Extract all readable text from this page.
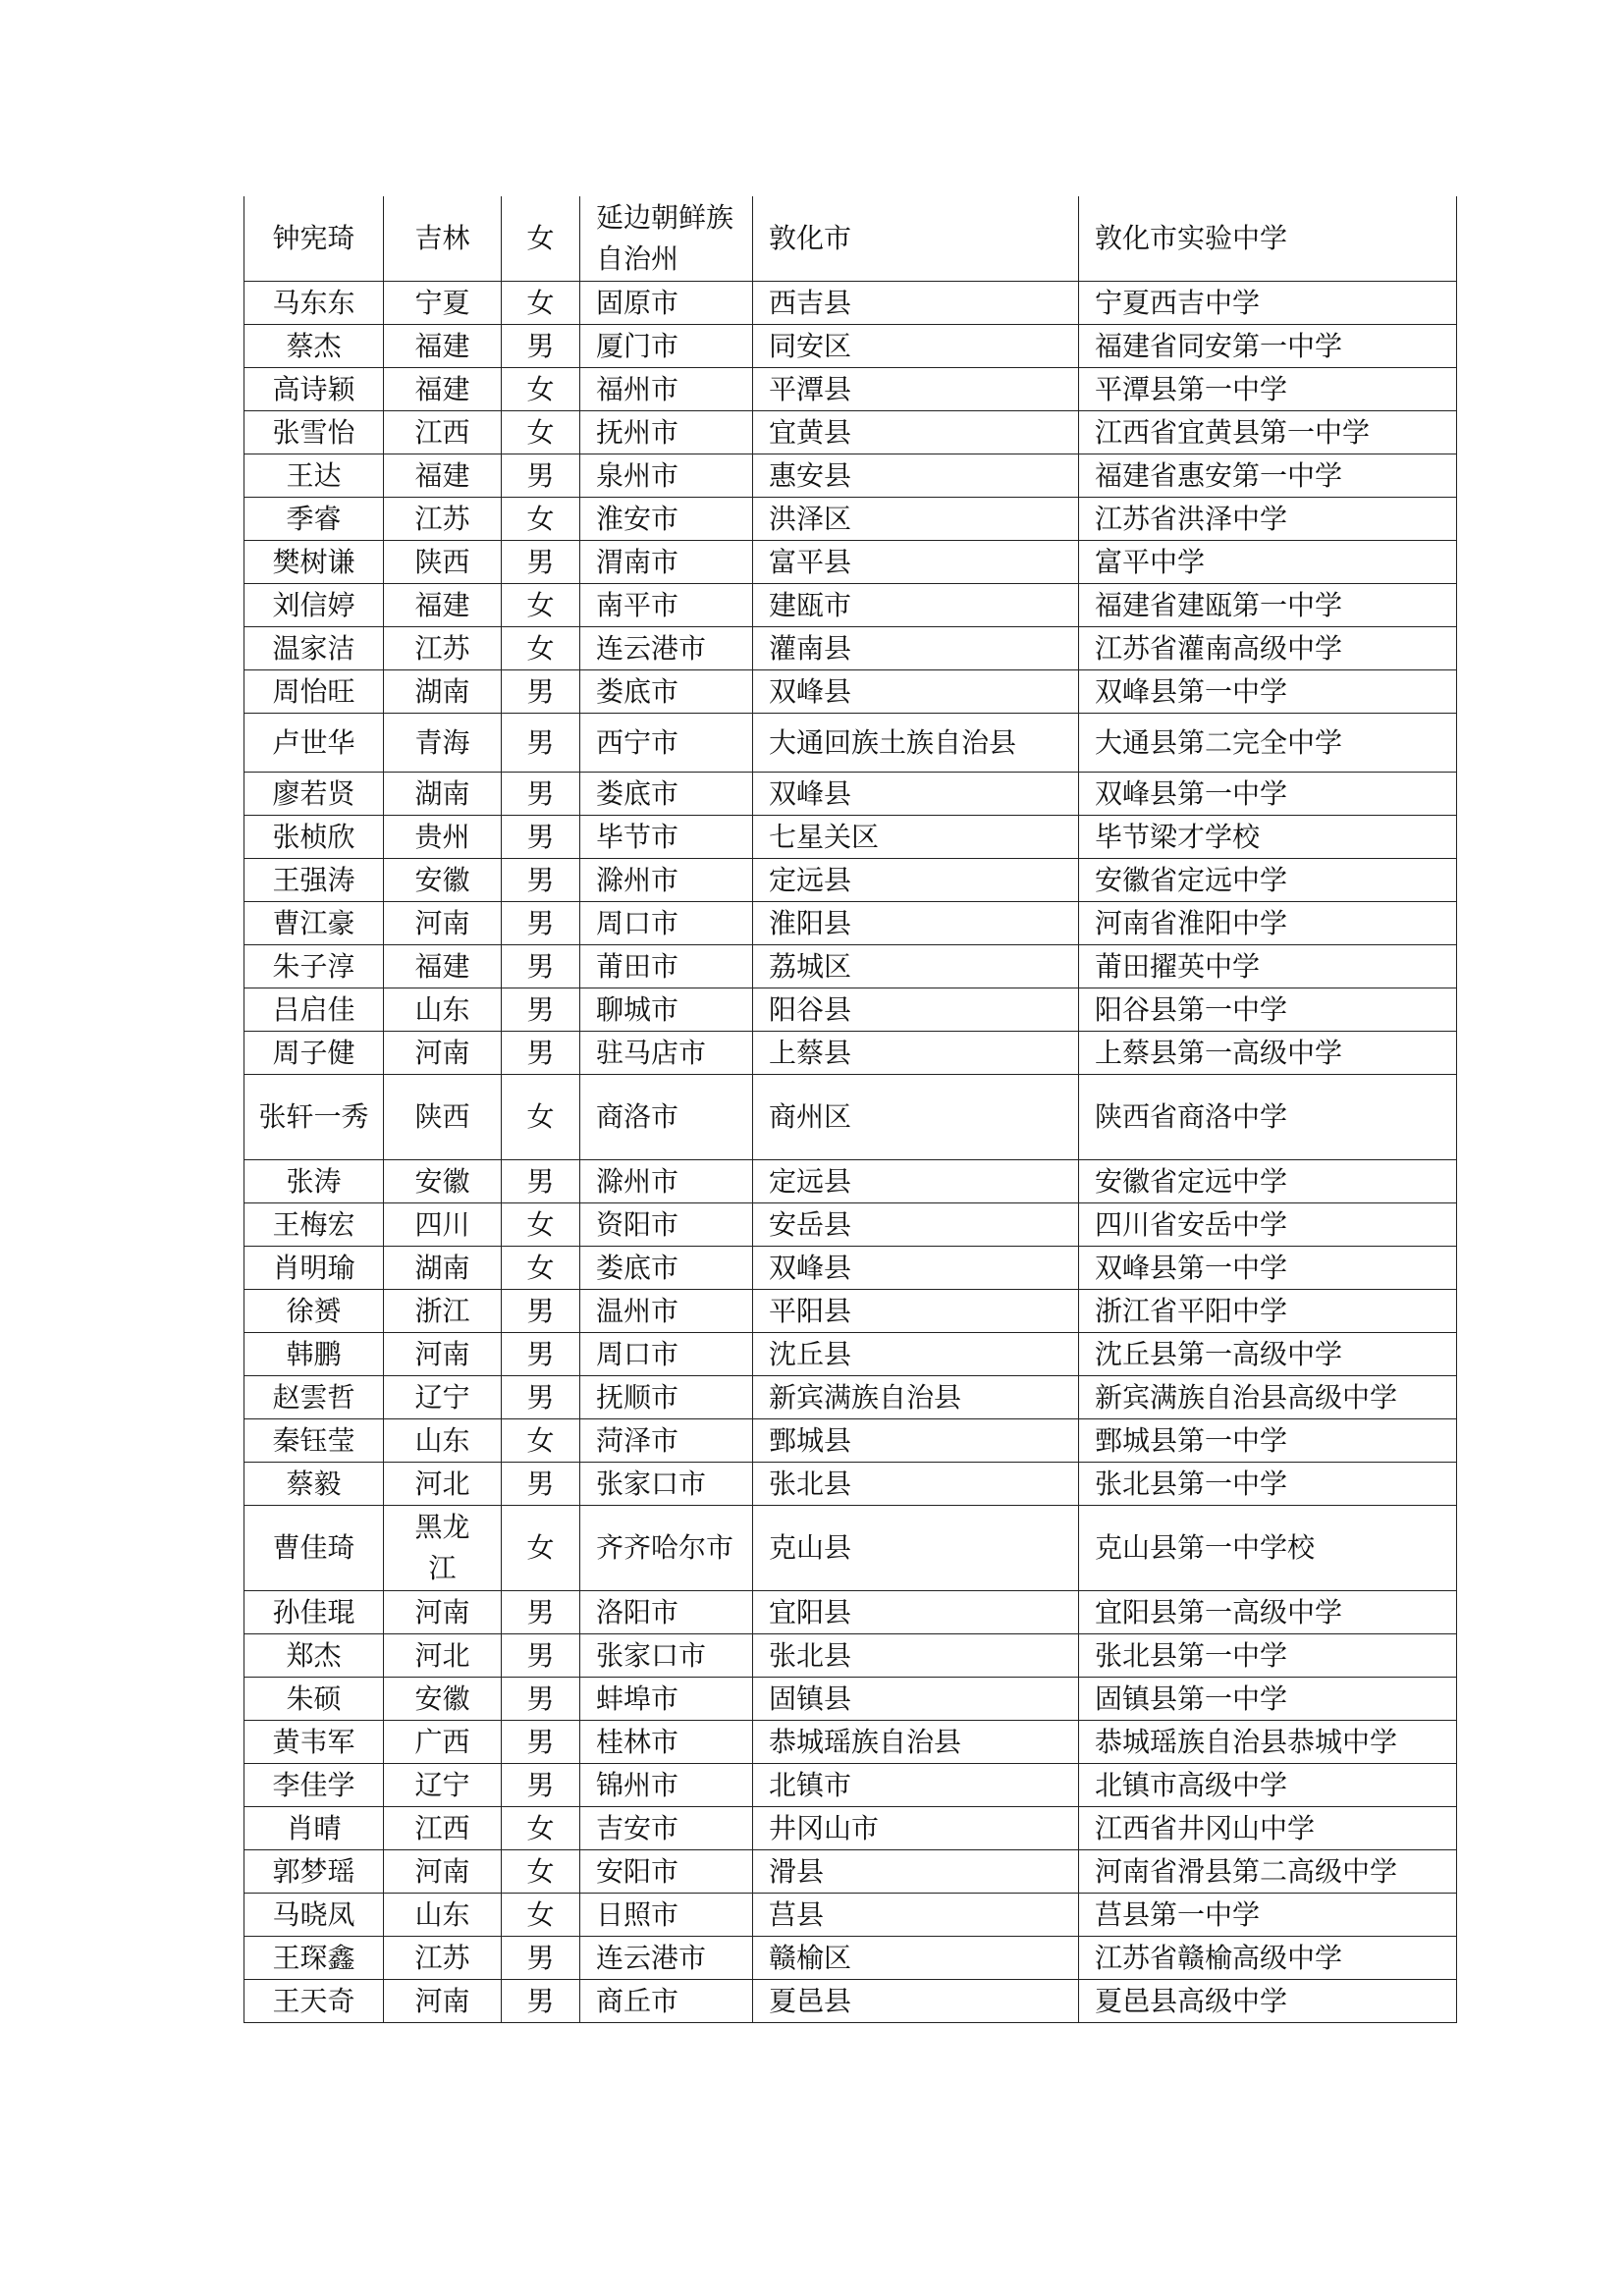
钟宪琦	吉林	女	延边朝鲜族自治州	敦化市	敦化市实验中学
马东东	宁夏	女	固原市	西吉县	宁夏西吉中学
蔡杰	福建	男	厦门市	同安区	福建省同安第一中学
高诗颖	福建	女	福州市	平潭县	平潭县第一中学
张雪怡	江西	女	抚州市	宜黄县	江西省宜黄县第一中学
王达	福建	男	泉州市	惠安县	福建省惠安第一中学
季睿	江苏	女	淮安市	洪泽区	江苏省洪泽中学
樊树谦	陕西	男	渭南市	富平县	富平中学
刘信婷	福建	女	南平市	建瓯市	福建省建瓯第一中学
温家洁	江苏	女	连云港市	灌南县	江苏省灌南高级中学
周怡旺	湖南	男	娄底市	双峰县	双峰县第一中学
卢世华	青海	男	西宁市	大通回族土族自治县	大通县第二完全中学
廖若贤	湖南	男	娄底市	双峰县	双峰县第一中学
张桢欣	贵州	男	毕节市	七星关区	毕节梁才学校
王强涛	安徽	男	滁州市	定远县	安徽省定远中学
曹江豪	河南	男	周口市	淮阳县	河南省淮阳中学
朱子淳	福建	男	莆田市	荔城区	莆田擢英中学
吕启佳	山东	男	聊城市	阳谷县	阳谷县第一中学
周子健	河南	男	驻马店市	上蔡县	上蔡县第一高级中学
张轩一秀	陕西	女	商洛市	商州区	陕西省商洛中学
张涛	安徽	男	滁州市	定远县	安徽省定远中学
王梅宏	四川	女	资阳市	安岳县	四川省安岳中学
肖明瑜	湖南	女	娄底市	双峰县	双峰县第一中学
徐赟	浙江	男	温州市	平阳县	浙江省平阳中学
韩鹏	河南	男	周口市	沈丘县	沈丘县第一高级中学
赵雲哲	辽宁	男	抚顺市	新宾满族自治县	新宾满族自治县高级中学
秦钰莹	山东	女	菏泽市	鄄城县	鄄城县第一中学
蔡毅	河北	男	张家口市	张北县	张北县第一中学
曹佳琦	黑龙江	女	齐齐哈尔市	克山县	克山县第一中学校
孙佳琨	河南	男	洛阳市	宜阳县	宜阳县第一高级中学
郑杰	河北	男	张家口市	张北县	张北县第一中学
朱硕	安徽	男	蚌埠市	固镇县	固镇县第一中学
黄韦军	广西	男	桂林市	恭城瑶族自治县	恭城瑶族自治县恭城中学
李佳学	辽宁	男	锦州市	北镇市	北镇市高级中学
肖晴	江西	女	吉安市	井冈山市	江西省井冈山中学
郭梦瑶	河南	女	安阳市	滑县	河南省滑县第二高级中学
马晓凤	山东	女	日照市	莒县	莒县第一中学
王琛鑫	江苏	男	连云港市	赣榆区	江苏省赣榆高级中学
王天奇	河南	男	商丘市	夏邑县	夏邑县高级中学
